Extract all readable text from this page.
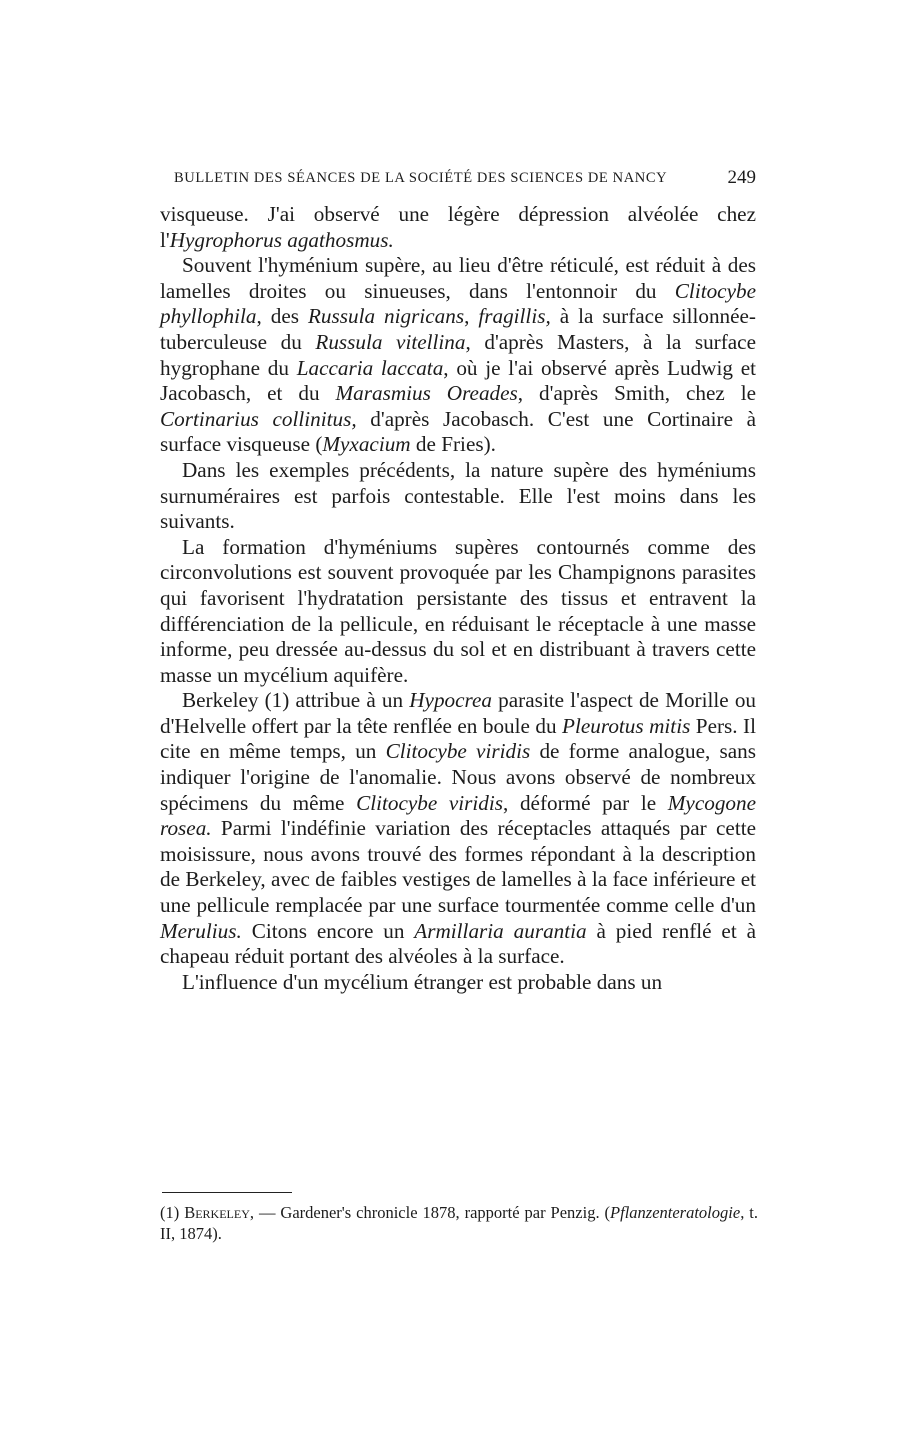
BULLETIN DES SÉANCES DE LA SOCIÉTÉ DES SCIENCES DE NANCY	249

visqueuse. J'ai observé une légère dépression alvéolée chez l'Hygrophorus agathosmus.

Souvent l'hyménium supère, au lieu d'être réticulé, est réduit à des lamelles droites ou sinueuses, dans l'entonnoir du Clitocybe phyllophila, des Russula nigricans, fragillis, à la surface sillonnée-tuberculeuse du Russula vitellina, d'après Masters, à la surface hygrophane du Laccaria laccata, où je l'ai observé après Ludwig et Jacobasch, et du Marasmius Oreades, d'après Smith, chez le Cortinarius collinitus, d'après Jacobasch. C'est une Cortinaire à surface visqueuse (Myxacium de Fries).

Dans les exemples précédents, la nature supère des hyméniums surnuméraires est parfois contestable. Elle l'est moins dans les suivants.

La formation d'hyméniums supères contournés comme des circonvolutions est souvent provoquée par les Champignons parasites qui favorisent l'hydratation persistante des tissus et entravent la différenciation de la pellicule, en réduisant le réceptacle à une masse informe, peu dressée au-dessus du sol et en distribuant à travers cette masse un mycélium aquifère.

Berkeley (1) attribue à un Hypocrea parasite l'aspect de Morille ou d'Helvelle offert par la tête renflée en boule du Pleurotus mitis Pers. Il cite en même temps, un Clitocybe viridis de forme analogue, sans indiquer l'origine de l'anomalie. Nous avons observé de nombreux spécimens du même Clitocybe viridis, déformé par le Mycogone rosea. Parmi l'indéfinie variation des réceptacles attaqués par cette moisissure, nous avons trouvé des formes répondant à la description de Berkeley, avec de faibles vestiges de lamelles à la face inférieure et une pellicule remplacée par une surface tourmentée comme celle d'un Merulius. Citons encore un Armillaria aurantia à pied renflé et à chapeau réduit portant des alvéoles à la surface.

L'influence d'un mycélium étranger est probable dans un

(1) Berkeley, — Gardener's chronicle 1878, rapporté par Penzig. (Pflanzenteratologie, t. II, 1874).
